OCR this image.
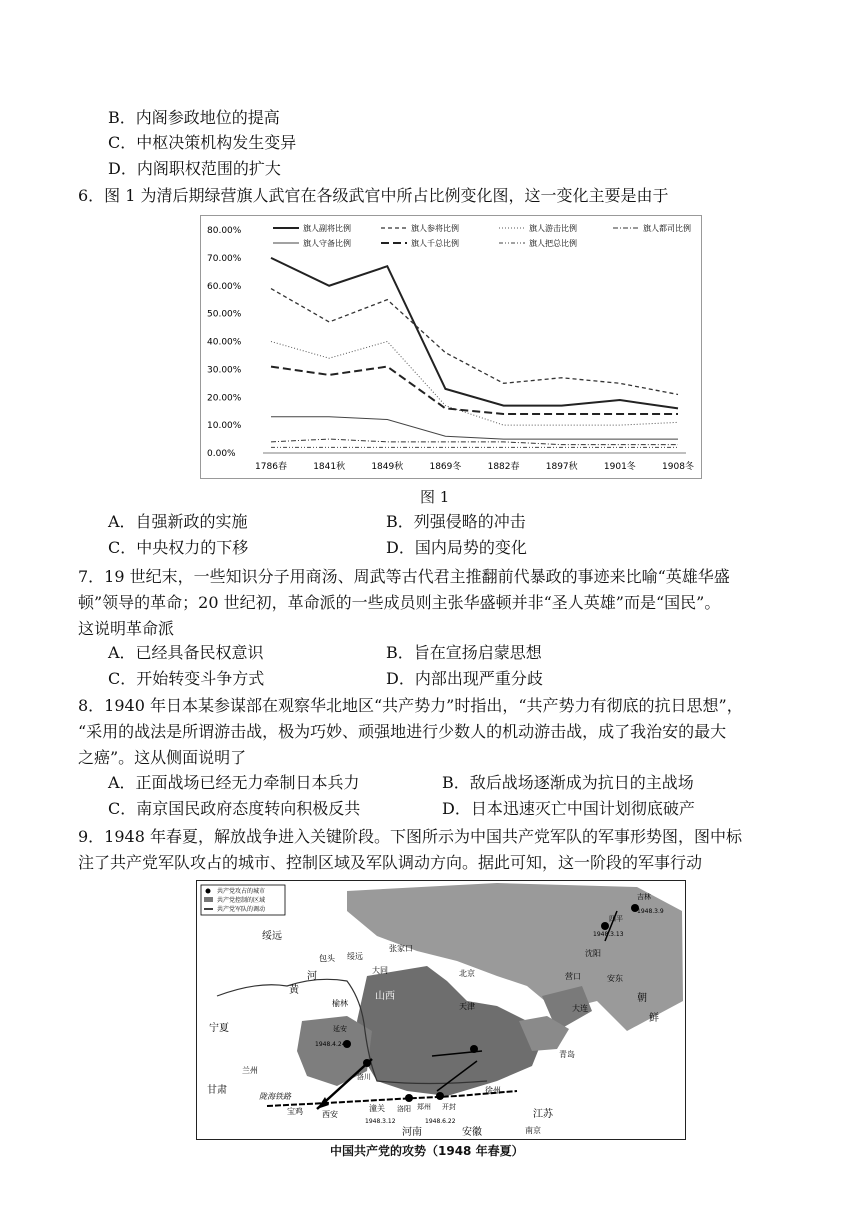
B．内阁参政地位的提高
C．中枢决策机构发生变异
D．内阁职权范围的扩大
6．图 1 为清后期绿营旗人武官在各级武官中所占比例变化图，这一变化主要是由于
80.00%
70.00%
60.00%
50.00%
40.00%
30.00%
20.00%
10.00%
0.00%
1786春	1841秋	1849秋	1869冬	1882春	1897秋	1901冬	1908冬
旗人副将比例	旗人参将比例	旗人游击比例	旗人都司比例
旗人守备比例	旗人千总比例	旗人把总比例
图 1
A．自强新政的实施	B．列强侵略的冲击
C．中央权力的下移	D．国内局势的变化
7．19 世纪末，一些知识分子用商汤、周武等古代君主推翻前代暴政的事迹来比喻“英雄华盛
顿”领导的革命；20 世纪初，革命派的一些成员则主张华盛顿并非“圣人英雄”而是“国民”。
这说明革命派
A．已经具备民权意识	B．旨在宣扬启蒙思想
C．开始转变斗争方式	D．内部出现严重分歧
8．1940 年日本某参谋部在观察华北地区“共产势力”时指出，“共产势力有彻底的抗日思想”，
“采用的战法是所谓游击战，极为巧妙、顽强地进行少数人的机动游击战，成了我治安的最大
之癌”。这从侧面说明了
A．正面战场已经无力牵制日本兵力	B．敌后战场逐渐成为抗日的主战场
C．南京国民政府态度转向积极反共	D．日本迅速灭亡中国计划彻底破产
9．1948 年春夏，解放战争进入关键阶段。下图所示为中国共产党军队的军事形势图，图中标
注了共产党军队攻占的城市、控制区域及军队调动方向。据此可知，这一阶段的军事行动
共产党攻占的城市
共产党控制的区域
共产党军队的调动
绥远
包头 绥远
张家口
大同	北京
天津
山西
榆林
宁夏	延安
1948.4.24
洛川
兰州
甘肃
陇海铁路
宝鸡 西安
潼关 洛阳
1948.3.12
郑州 开封
1948.6.22
河南	安徽
徐州
江苏
南京
青岛
大连
营口
沈阳
四平
1948.3.13
安东
吉林
1948.3.9
朝
鲜
黄
河
中国共产党的攻势（1948 年春夏）
